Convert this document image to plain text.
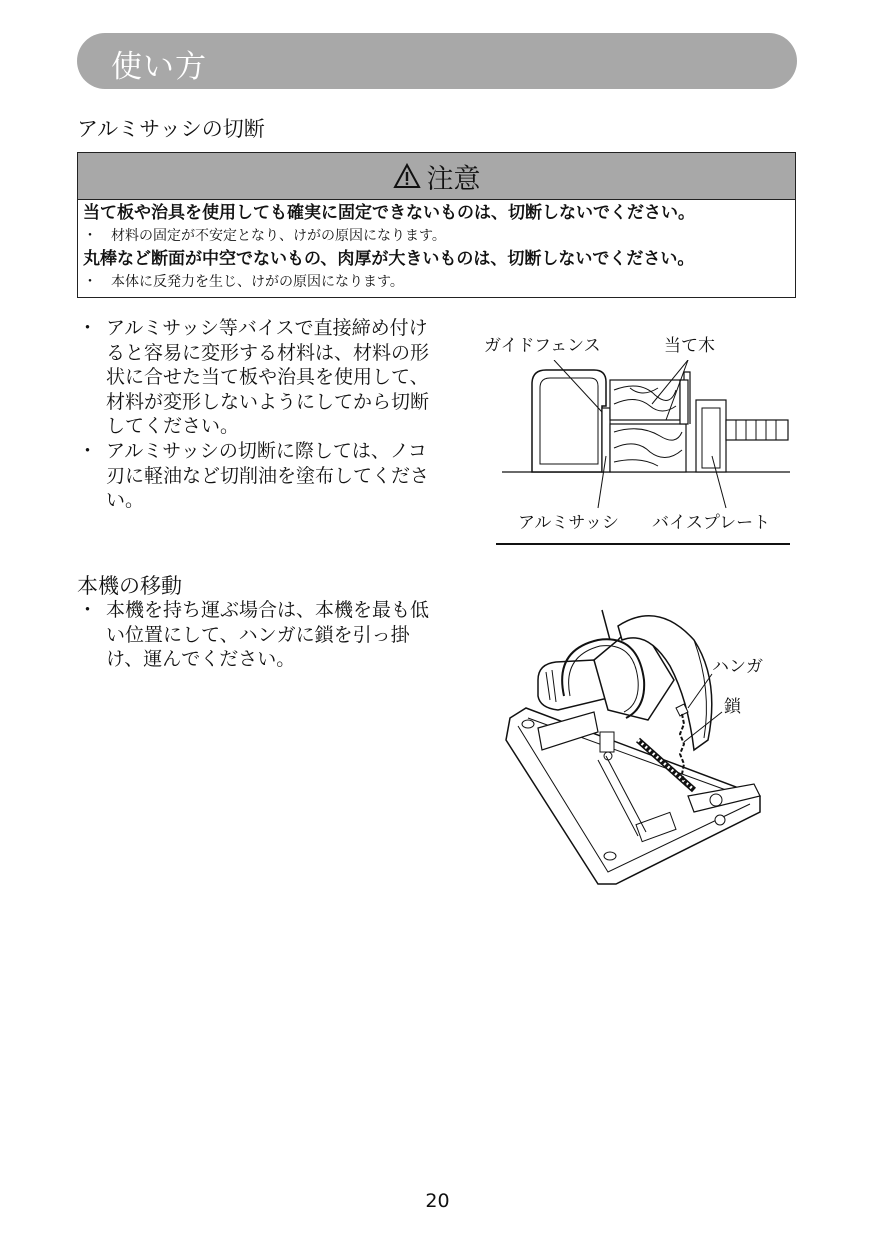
使い方
アルミサッシの切断
注意
当て板や治具を使用しても確実に固定できないものは、切断しないでください。
・　材料の固定が不安定となり、けがの原因になります。
丸棒など断面が中空でないもの、肉厚が大きいものは、切断しないでください。
・　本体に反発力を生じ、けがの原因になります。
・ アルミサッシ等バイスで直接締め付けると容易に変形する材料は、材料の形状に合せた当て板や治具を使用して、材料が変形しないようにしてから切断してください。
・ アルミサッシの切断に際しては、ノコ刃に軽油など切削油を塗布してください。
ガイドフェンス	当て木
アルミサッシ バイスプレート
本機の移動
・ 本機を持ち運ぶ場合は、本機を最も低い位置にして、ハンガに鎖を引っ掛け、運んでください。	ハンガ
鎖
20
